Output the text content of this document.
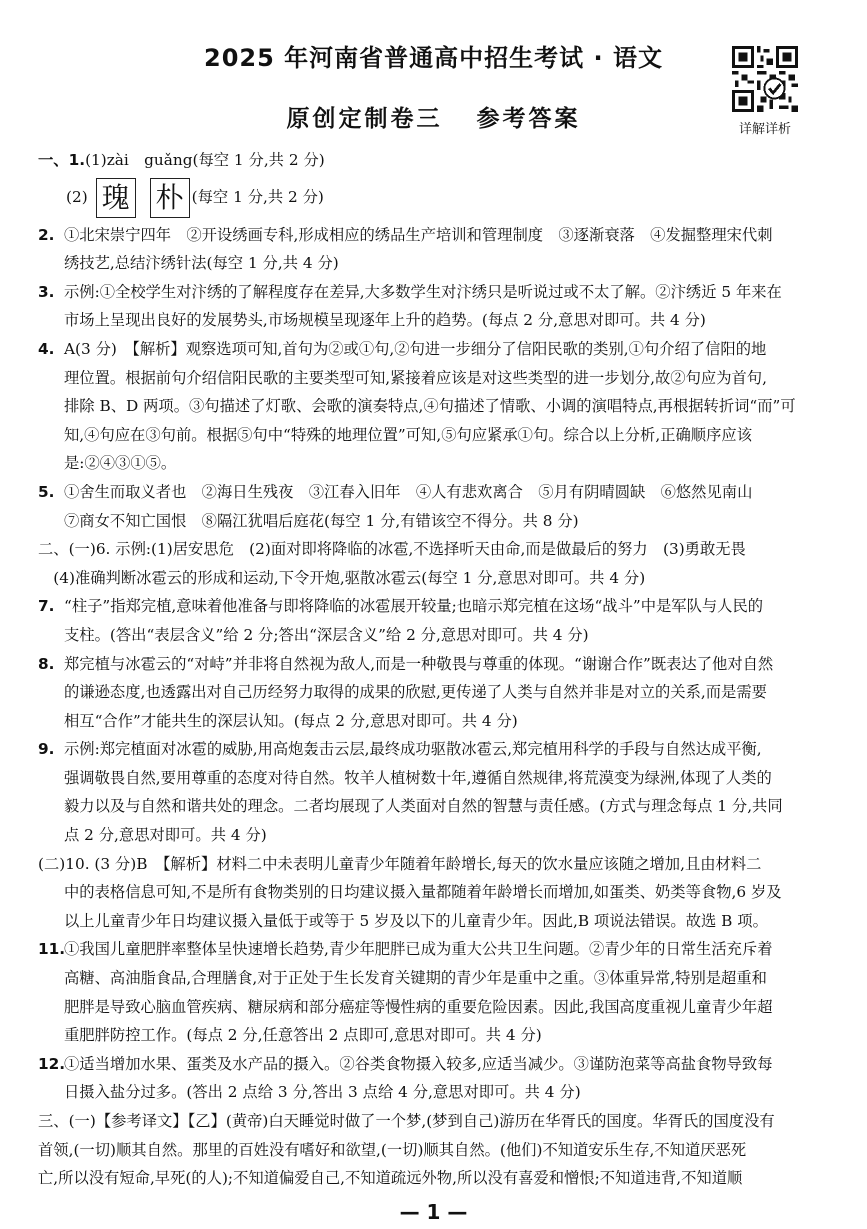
2025 年河南省普通高中招生考试 · 语文
原创定制卷三 参考答案	详解详析
一、1.(1)zài　guǎng(每空 1 分,共 2 分)
(2) 瑰 朴 (每空 1 分,共 2 分)
2. ①北宋崇宁四年　②开设绣画专科,形成相应的绣品生产培训和管理制度　③逐渐衰落　④发掘整理宋代刺
绣技艺,总结汴绣针法(每空 1 分,共 4 分)
3. 示例:①全校学生对汴绣的了解程度存在差异,大多数学生对汴绣只是听说过或不太了解。②汴绣近 5 年来在
市场上呈现出良好的发展势头,市场规模呈现逐年上升的趋势。(每点 2 分,意思对即可。共 4 分)
4. A(3 分)　【解析】观察选项可知,首句为②或①句,②句进一步细分了信阳民歌的类别,①句介绍了信阳的地
理位置。根据前句介绍信阳民歌的主要类型可知,紧接着应该是对这些类型的进一步划分,故②句应为首句,
排除 B、D 两项。③句描述了灯歌、会歌的演奏特点,④句描述了情歌、小调的演唱特点,再根据转折词“而”可
知,④句应在③句前。根据⑤句中“特殊的地理位置”可知,⑤句应紧承①句。综合以上分析,正确顺序应该
是:②④③①⑤。
5. ①舍生而取义者也　②海日生残夜　③江春入旧年　④人有悲欢离合　⑤月有阴晴圆缺　⑥悠然见南山
⑦商女不知亡国恨　⑧隔江犹唱后庭花(每空 1 分,有错该空不得分。共 8 分)
二、(一)6. 示例:(1)居安思危　(2)面对即将降临的冰雹,不选择听天由命,而是做最后的努力　(3)勇敢无畏
　(4)准确判断冰雹云的形成和运动,下令开炮,驱散冰雹云(每空 1 分,意思对即可。共 4 分)
7. “柱子”指郑完植,意味着他准备与即将降临的冰雹展开较量;也暗示郑完植在这场“战斗”中是军队与人民的
支柱。(答出“表层含义”给 2 分;答出“深层含义”给 2 分,意思对即可。共 4 分)
8. 郑完植与冰雹云的“对峙”并非将自然视为敌人,而是一种敬畏与尊重的体现。“谢谢合作”既表达了他对自然
的谦逊态度,也透露出对自己历经努力取得的成果的欣慰,更传递了人类与自然并非是对立的关系,而是需要
相互“合作”才能共生的深层认知。(每点 2 分,意思对即可。共 4 分)
9. 示例:郑完植面对冰雹的威胁,用高炮轰击云层,最终成功驱散冰雹云,郑完植用科学的手段与自然达成平衡,
强调敬畏自然,要用尊重的态度对待自然。牧羊人植树数十年,遵循自然规律,将荒漠变为绿洲,体现了人类的
毅力以及与自然和谐共处的理念。二者均展现了人类面对自然的智慧与责任感。(方式与理念每点 1 分,共同
点 2 分,意思对即可。共 4 分)
(二)10. (3 分)B　【解析】材料二中未表明儿童青少年随着年龄增长,每天的饮水量应该随之增加,且由材料二
中的表格信息可知,不是所有食物类别的日均建议摄入量都随着年龄增长而增加,如蛋类、奶类等食物,6 岁及
以上儿童青少年日均建议摄入量低于或等于 5 岁及以下的儿童青少年。因此,B 项说法错误。故选 B 项。
11.
①我国儿童肥胖率整体呈快速增长趋势,青少年肥胖已成为重大公共卫生问题。②青少年的日常生活充斥着
高糖、高油脂食品,合理膳食,对于正处于生长发育关键期的青少年是重中之重。③体重异常,特别是超重和
肥胖是导致心脑血管疾病、糖尿病和部分癌症等慢性病的重要危险因素。因此,我国高度重视儿童青少年超
重肥胖防控工作。(每点 2 分,任意答出 2 点即可,意思对即可。共 4 分)
12.
①适当增加水果、蛋类及水产品的摄入。②谷类食物摄入较多,应适当减少。③谨防泡菜等高盐食物导致每
日摄入盐分过多。(答出 2 点给 3 分,答出 3 点给 4 分,意思对即可。共 4 分)
三、(一)【参考译文】【乙】(黄帝)白天睡觉时做了一个梦,(梦到自己)游历在华胥氏的国度。华胥氏的国度没有
首领,(一切)顺其自然。那里的百姓没有嗜好和欲望,(一切)顺其自然。(他们)不知道安乐生存,不知道厌恶死
亡,所以没有短命,早死(的人);不知道偏爱自己,不知道疏远外物,所以没有喜爱和憎恨;不知道违背,不知道顺
— 1 —
